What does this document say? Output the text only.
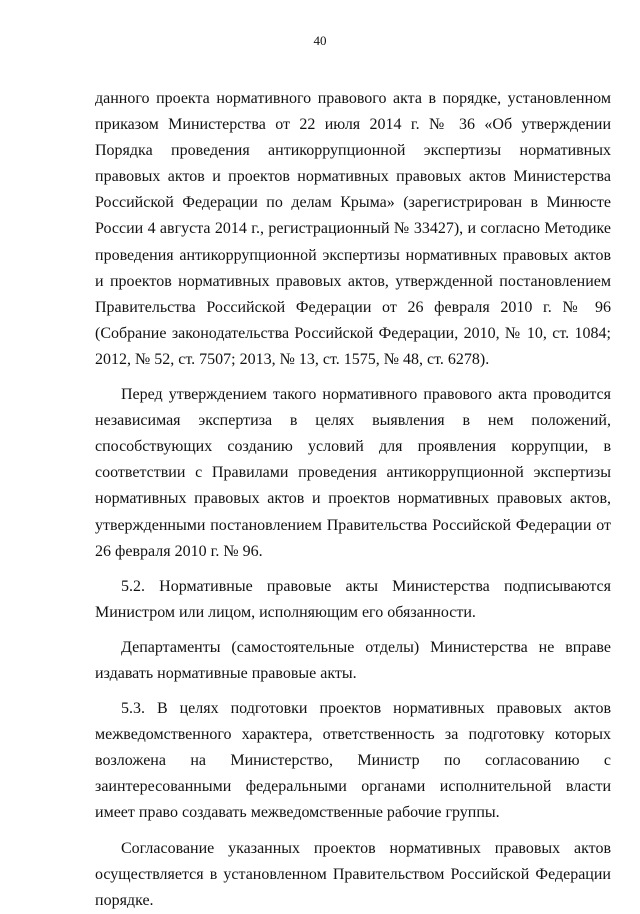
40

данного проекта нормативного правового акта в порядке, установленном приказом Министерства от 22 июля 2014 г. № 36 «Об утверждении Порядка проведения антикоррупционной экспертизы нормативных правовых актов и проектов нормативных правовых актов Министерства Российской Федерации по делам Крыма» (зарегистрирован в Минюсте России 4 августа 2014 г., регистрационный № 33427), и согласно Методике проведения антикоррупционной экспертизы нормативных правовых актов и проектов нормативных правовых актов, утвержденной постановлением Правительства Российской Федерации от 26 февраля 2010 г. № 96 (Собрание законодательства Российской Федерации, 2010, № 10, ст. 1084; 2012, № 52, ст. 7507; 2013, № 13, ст. 1575, № 48, ст. 6278).

Перед утверждением такого нормативного правового акта проводится независимая экспертиза в целях выявления в нем положений, способствующих созданию условий для проявления коррупции, в соответствии с Правилами проведения антикоррупционной экспертизы нормативных правовых актов и проектов нормативных правовых актов, утвержденными постановлением Правительства Российской Федерации от 26 февраля 2010 г. № 96.

5.2. Нормативные правовые акты Министерства подписываются Министром или лицом, исполняющим его обязанности.

Департаменты (самостоятельные отделы) Министерства не вправе издавать нормативные правовые акты.

5.3. В целях подготовки проектов нормативных правовых актов межведомственного характера, ответственность за подготовку которых возложена на Министерство, Министр по согласованию с заинтересованными федеральными органами исполнительной власти имеет право создавать межведомственные рабочие группы.

Согласование указанных проектов нормативных правовых актов осуществляется в установленном Правительством Российской Федерации порядке.
